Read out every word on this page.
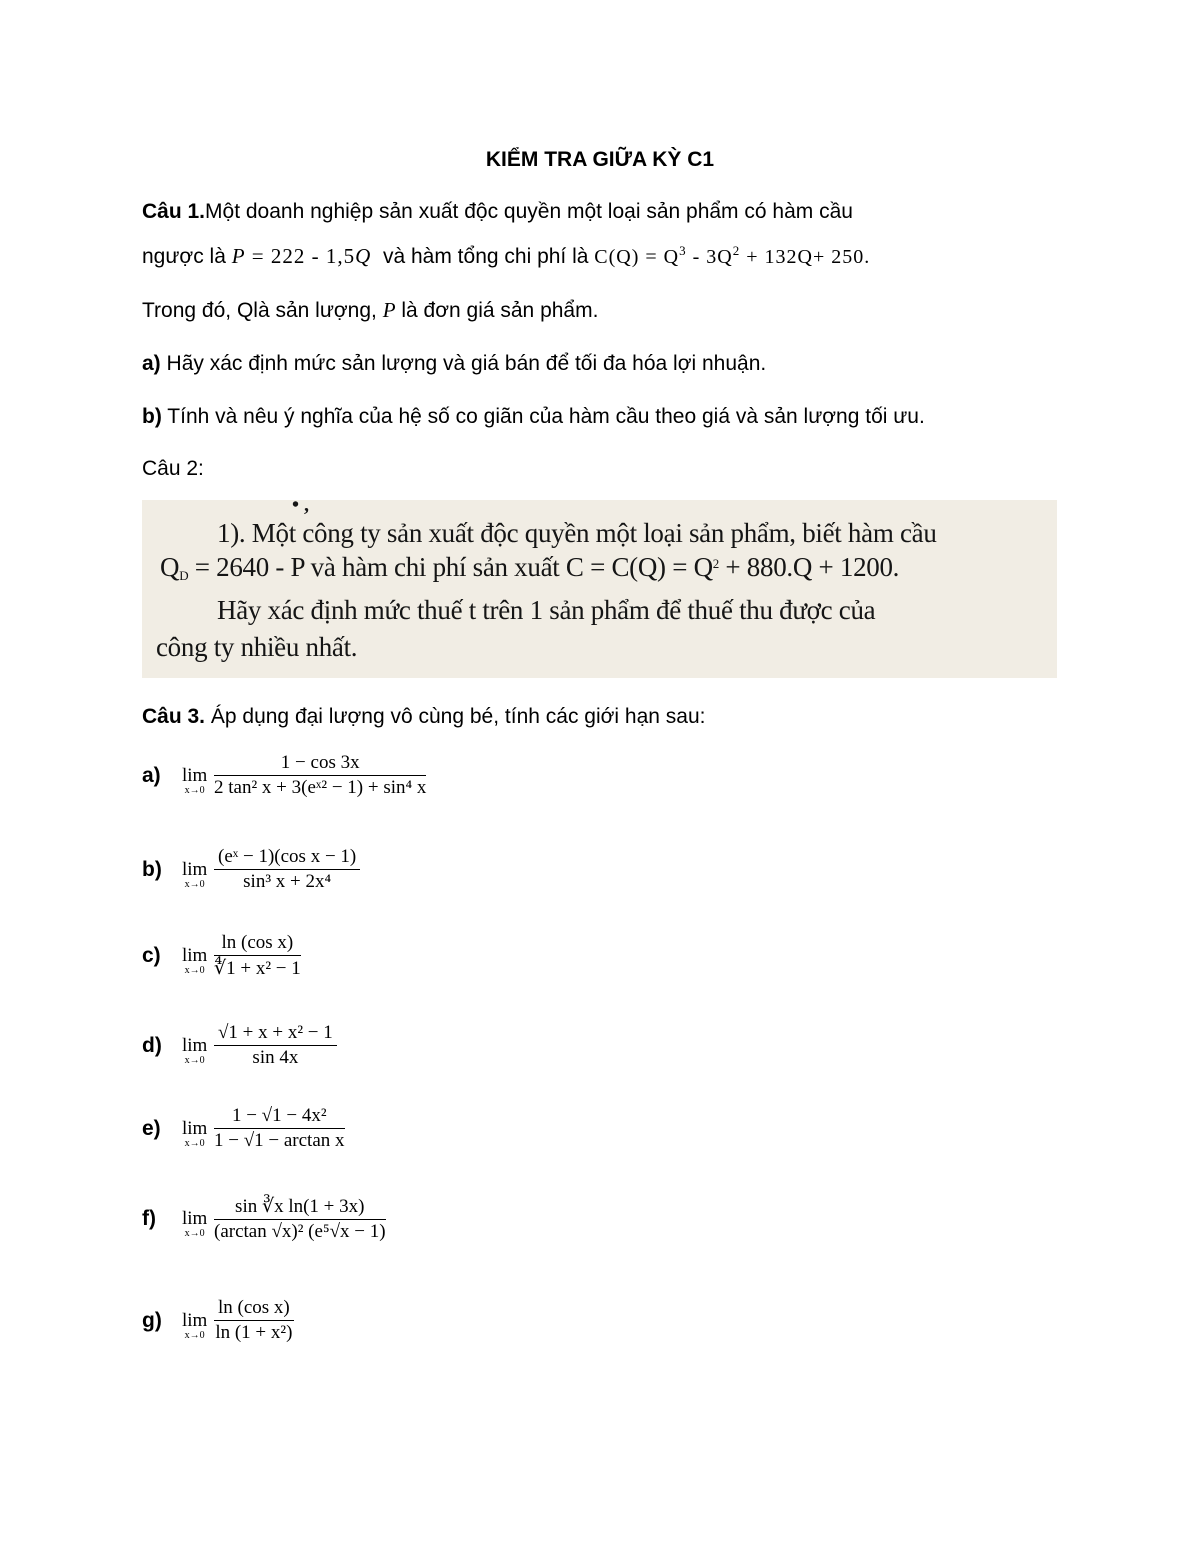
KIỂM TRA GIỮA KỲ C1
Câu 1.Một doanh nghiệp sản xuất độc quyền một loại sản phẩm có hàm cầu
ngược là P = 222 - 1,5Q và hàm tổng chi phí là $C(Q) = Q^3 - 3Q^2 + 132Q+ 250$.
Trong đó, Qlà sản lượng, P là đơn giá sản phẩm.
a) Hãy xác định mức sản lượng và giá bán để tối đa hóa lợi nhuận.
b) Tính và nêu ý nghĩa của hệ số co giãn của hàm cầu theo giá và sản lượng tối ưu.
Câu 2:
• ,
1). Một công ty sản xuất độc quyền một loại sản phẩm, biết hàm cầu
$Q_D = 2640 - P$ và hàm chi phí sản xuất $C = C(Q) = Q^2 + 880.Q + 1200$.
Hãy xác định mức thuế t trên 1 sản phẩm để thuế thu được của
công ty nhiều nhất.
Câu 3. Áp dụng đại lượng vô cùng bé, tính các giới hạn sau:
a) lim
$x\to 0 \frac{1 - \cos 3x}{\text{2 tan² x + 3(eˣ² − 1) + sin⁴ x}}$
b) lim
$x\to 0 \frac{\text{(eˣ − 1)(cos x − 1)}}{\text{sin³ x + 2x⁴}}$
c) lim
$x\to 0 \frac{\text{ln (cos x)}}{\text{∜1 + x² − 1}}$
d) lim
$x\to 0 \frac{\text{√1 + x + x² − 1}}{\sin 4x}$
e) lim
$x\to 0 \frac{\text{1 − √1 − 4x²}}{\text{1 − √1 − arctan x}}$
f) lim
$x\to 0 \frac{\text{sin ∛x ln(1 + 3x)}}{\text{(arctan √x)² (e⁵√x − 1)}}$
g) lim
$x\to 0 \frac{\text{ln (cos x)}}{\text{ln (1 + x²)}}$
